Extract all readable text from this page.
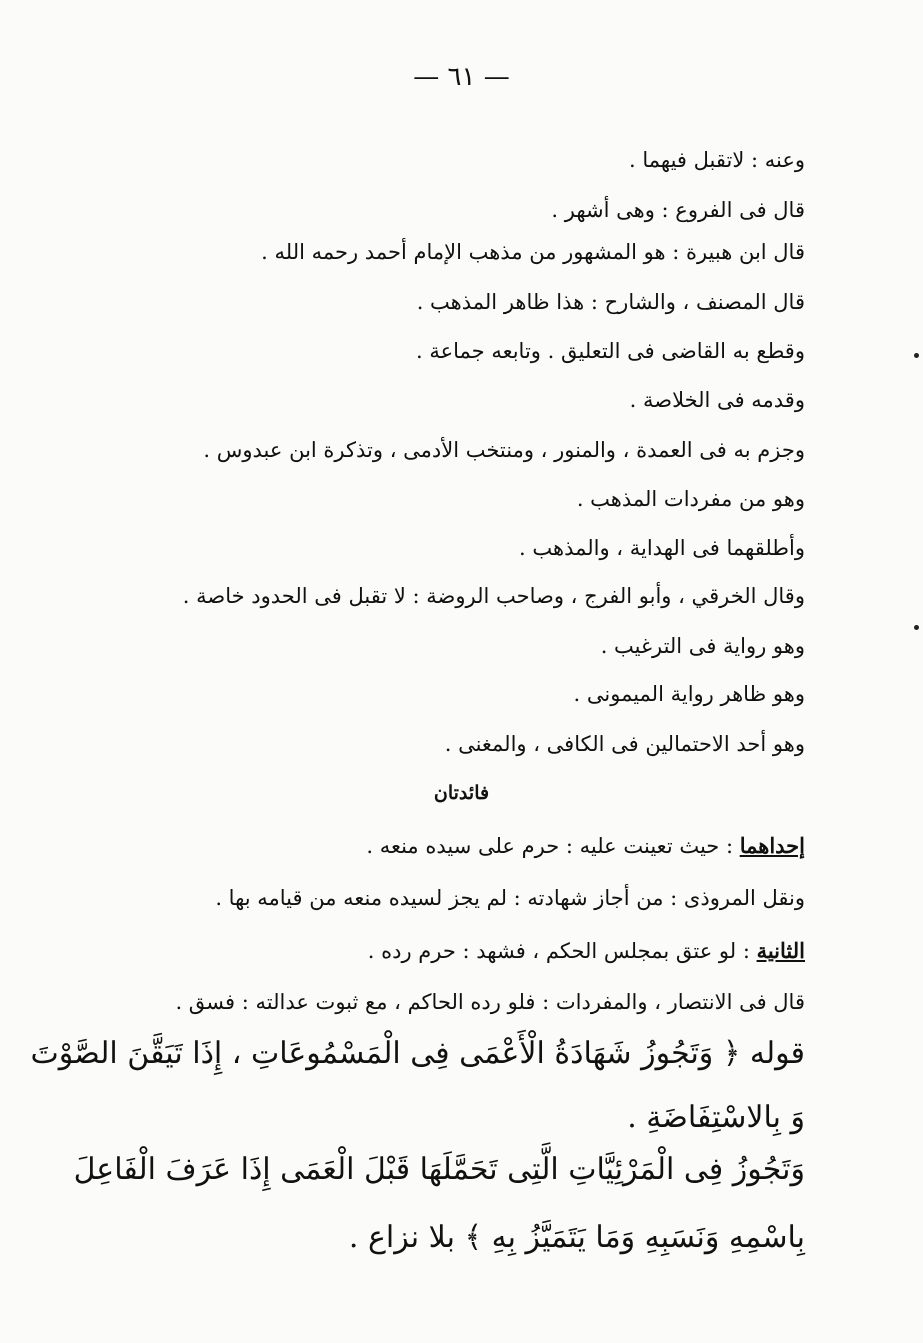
— ٦١ —
وعنه : لاتقبل فيهما .
قال فى الفروع : وهى أشهر .
قال ابن هبيرة : هو المشهور من مذهب الإمام أحمد رحمه الله .
قال المصنف ، والشارح : هذا ظاهر المذهب .
وقطع به القاضى فى التعليق . وتابعه جماعة .
وقدمه فى الخلاصة .
وجزم به فى العمدة ، والمنور ، ومنتخب الأدمى ، وتذكرة ابن عبدوس .
وهو من مفردات المذهب .
وأطلقهما فى الهداية ، والمذهب .
وقال الخرقي ، وأبو الفرج ، وصاحب الروضة : لا تقبل فى الحدود خاصة .
وهو رواية فى الترغيب .
وهو ظاهر رواية الميمونى .
وهو أحد الاحتمالين فى الكافى ، والمغنى .
فائدتان
إحداهما : حيث تعينت عليه : حرم على سيده منعه .
ونقل المروذى : من أجاز شهادته : لم يجز لسيده منعه من قيامه بها .
الثانية : لو عتق بمجلس الحكم ، فشهد : حرم رده .
قال فى الانتصار ، والمفردات : فلو رده الحاكم ، مع ثبوت عدالته : فسق .
قوله ﴿ وَتَجُوزُ شَهَادَةُ الْأَعْمَى فِى الْمَسْمُوعَاتِ ، إِذَا تَيَقَّنَ الصَّوْتَ
وَ بِالاسْتِفَاضَةِ .
وَتَجُوزُ فِى الْمَرْئِيَّاتِ الَّتِى تَحَمَّلَهَا قَبْلَ الْعَمَى إِذَا عَرَفَ الْفَاعِلَ
بِاسْمِهِ وَنَسَبِهِ وَمَا يَتَمَيَّزُ بِهِ ﴾ بلا نزاع .
